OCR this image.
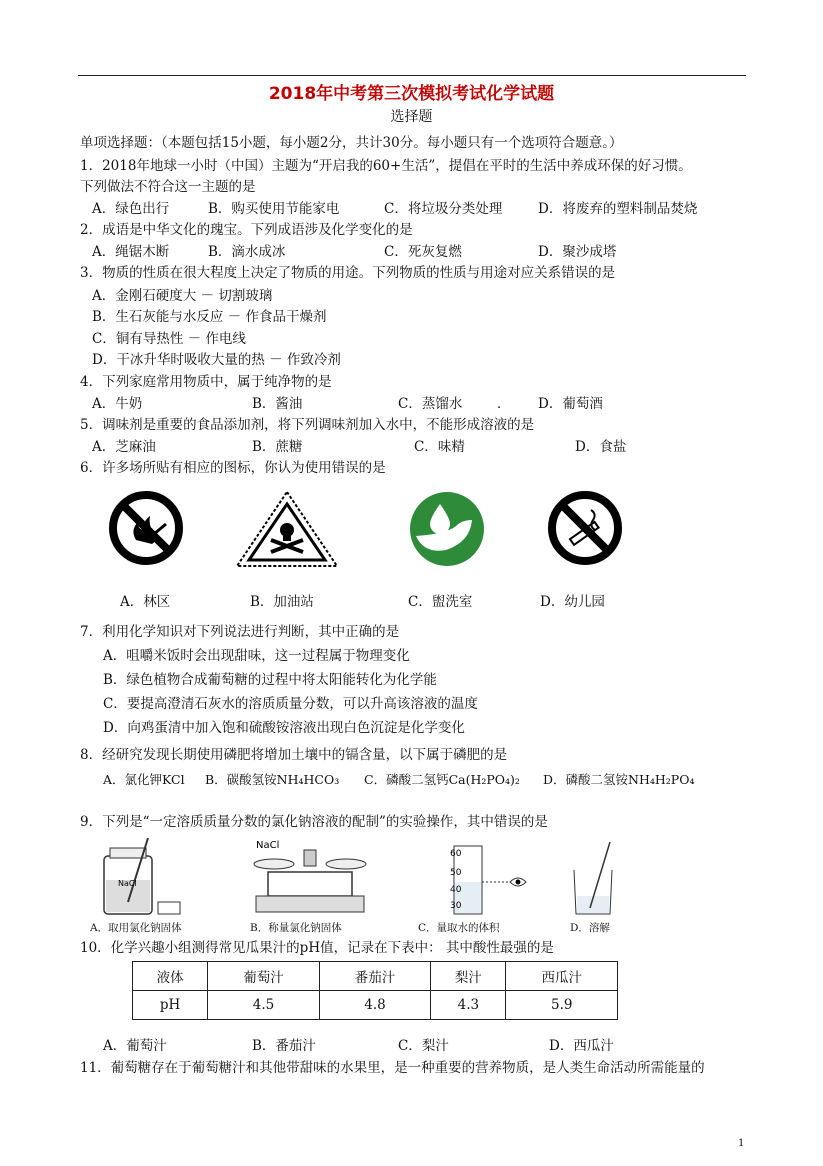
2018年中考第三次模拟考试化学试题
选择题
单项选择题：（本题包括15小题，每小题2分，共计30分。每小题只有一个选项符合题意。）
1．2018年地球一小时（中国）主题为“开启我的60+生活”，提倡在平时的生活中养成环保的好习惯。
下列做法不符合这一主题的是
A．绿色出行	B．购买使用节能家电	C．将垃圾分类处理	D．将废弃的塑料制品焚烧
2．成语是中华文化的瑰宝。下列成语涉及化学变化的是
A．绳锯木断	B．滴水成冰	C．死灰复燃	D．聚沙成塔
3．物质的性质在很大程度上决定了物质的用途。下列物质的性质与用途对应关系错误的是
A．金刚石硬度大 － 切割玻璃
B．生石灰能与水反应 － 作食品干燥剂
C．铜有导热性 － 作电线
D．干冰升华时吸收大量的热 － 作致冷剂
4．下列家庭常用物质中，属于纯净物的是
A．牛奶	B．酱油	C．蒸馏水	． D．葡萄酒
5．调味剂是重要的食品添加剂，将下列调味剂加入水中，不能形成溶液的是
A．芝麻油	B．蔗糖	C．味精	D．食盐
6．许多场所贴有相应的图标，你认为使用错误的是
A．林区	B．加油站	C．盥洗室	D．幼儿园
7．利用化学知识对下列说法进行判断，其中正确的是
A．咀嚼米饭时会出现甜味，这一过程属于物理变化
B．绿色植物合成葡萄糖的过程中将太阳能转化为化学能
C．要提高澄清石灰水的溶质质量分数，可以升高该溶液的温度
D．向鸡蛋清中加入饱和硫酸铵溶液出现白色沉淀是化学变化
8．经研究发现长期使用磷肥将增加土壤中的镉含量，以下属于磷肥的是
A．氯化钾KCl B．碳酸氢铵NH₄HCO₃ C．磷酸二氢钙Ca(H₂PO₄)₂ D．磷酸二氢铵NH₄H₂PO₄
9．下列是“一定溶质质量分数的氯化钠溶液的配制”的实验操作，其中错误的是
NaCl
NaCl
60
50
40
30
A．取用氯化钠固体	B．称量氯化钠固体	C．量取水的体积	D．溶解
10．化学兴趣小组测得常见瓜果汁的pH值，记录在下表中： 其中酸性最强的是
液体	葡萄汁	番茄汁	梨汁	西瓜汁
pH	4.5	4.8	4.3	5.9
A．葡萄汁	B．番茄汁	C．梨汁	D．西瓜汁
11．葡萄糖存在于葡萄糖汁和其他带甜味的水果里，是一种重要的营养物质，是人类生命活动所需能量的
1
